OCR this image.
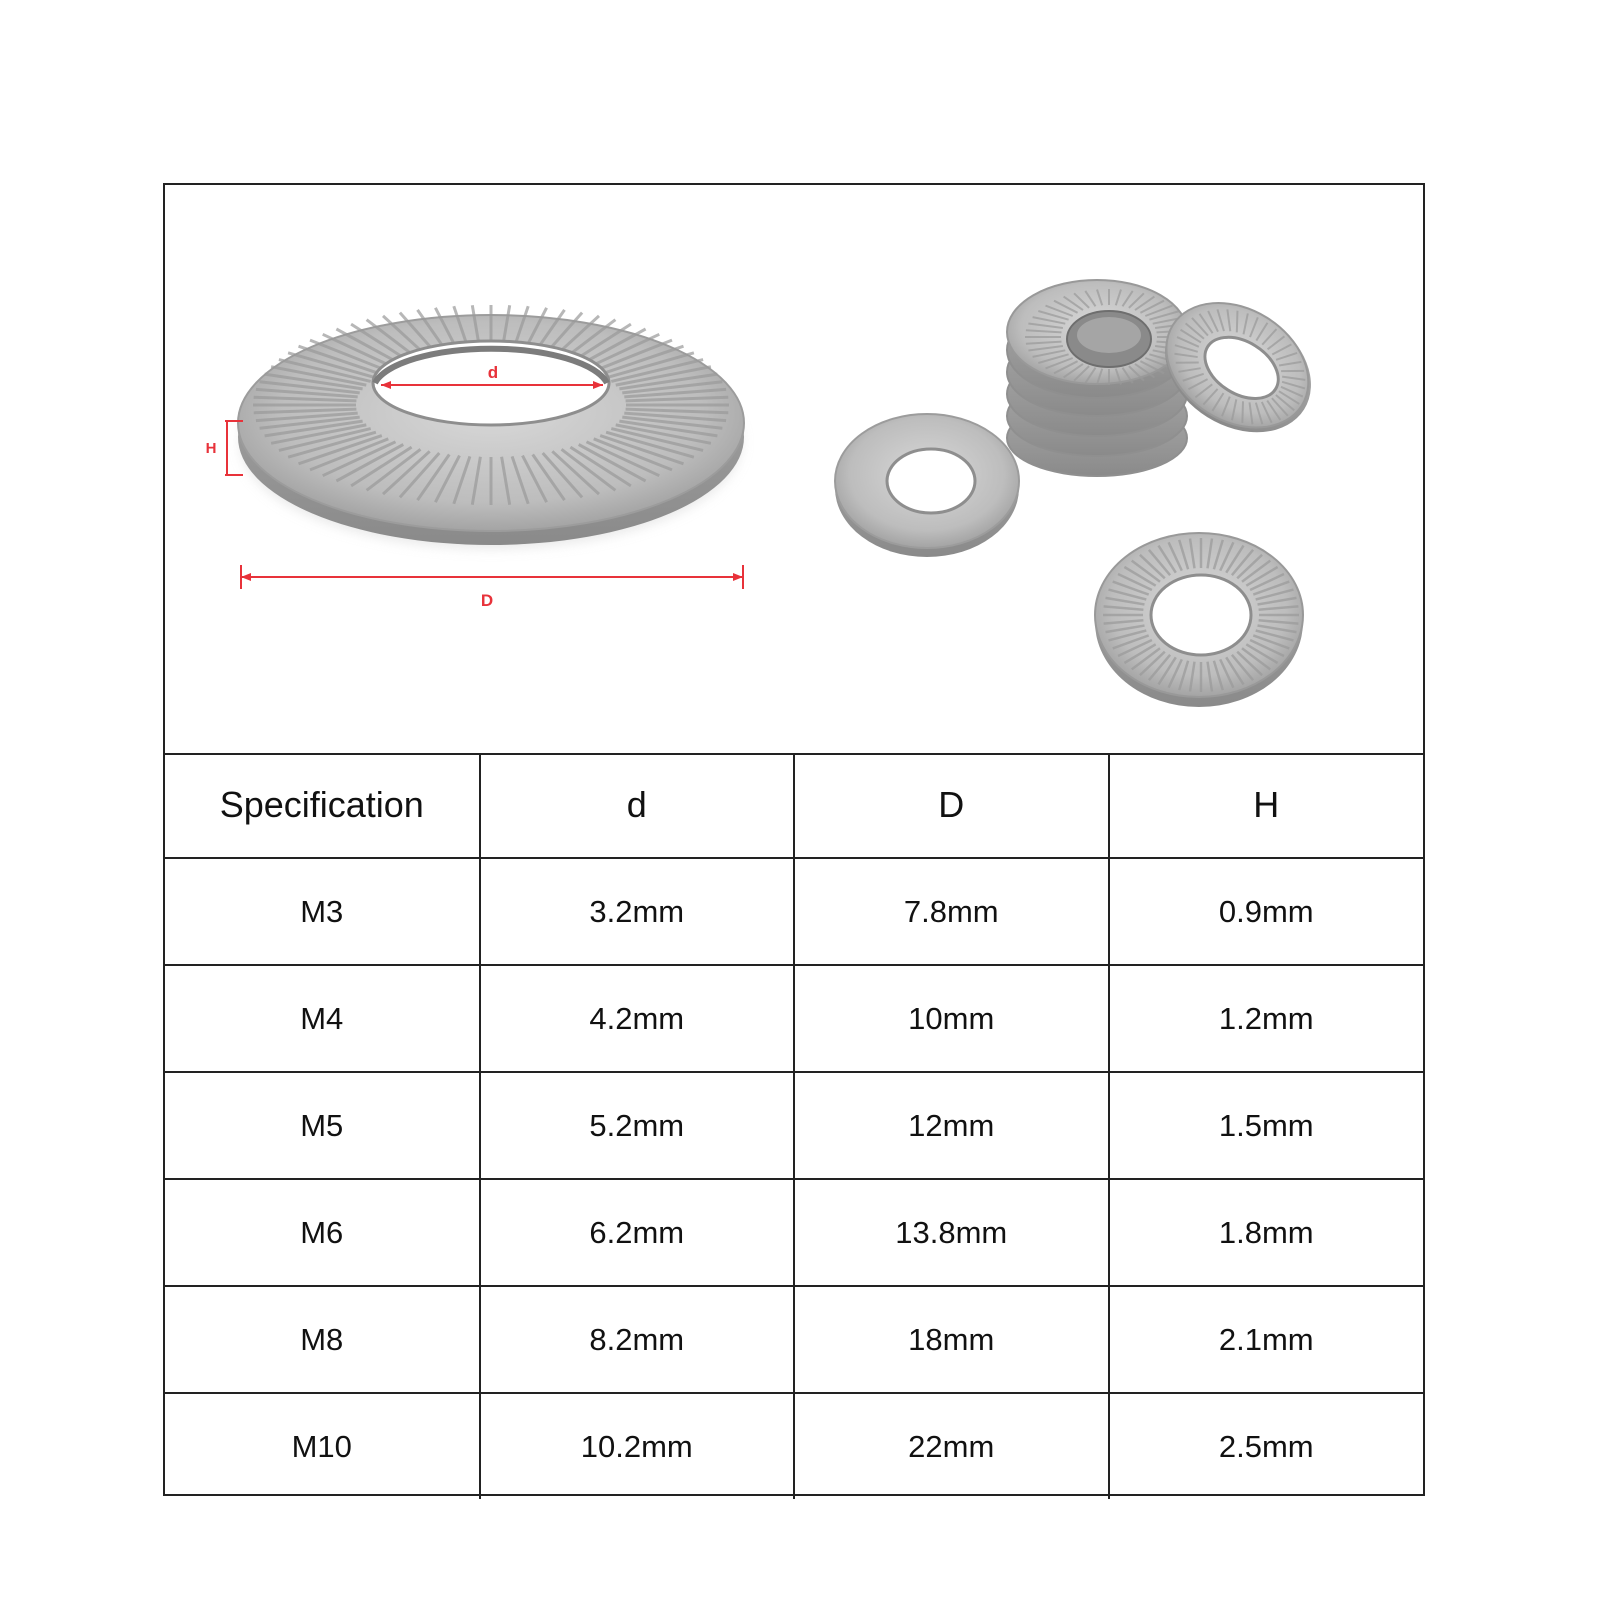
d
H
D
Specification	d	D	H
M3	3.2mm	7.8mm	0.9mm
M4	4.2mm	10mm	1.2mm
M5	5.2mm	12mm	1.5mm
M6	6.2mm	13.8mm	1.8mm
M8	8.2mm	18mm	2.1mm
M10	10.2mm	22mm	2.5mm
